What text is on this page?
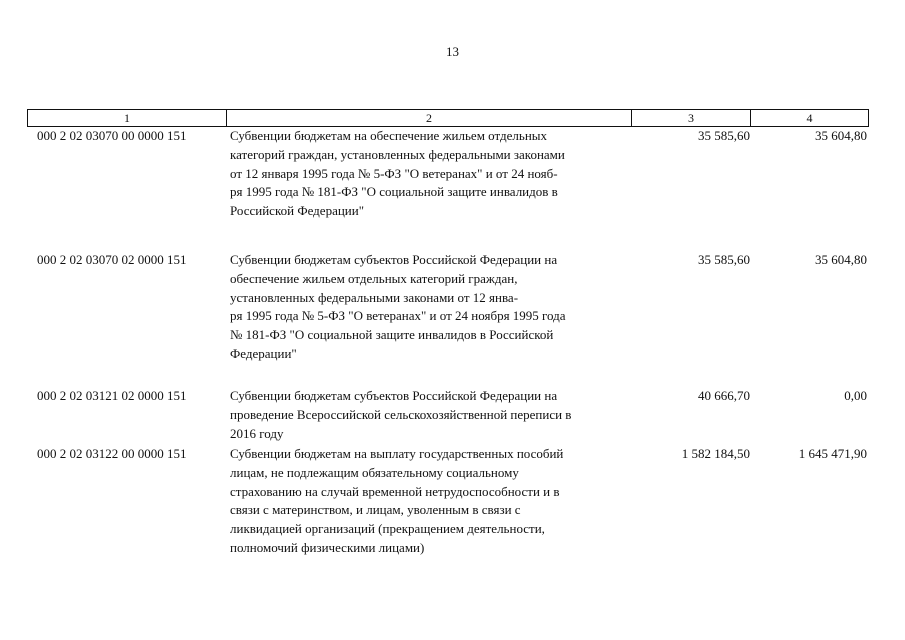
13
1	2	3	4
000 2 02 03070 00 0000 151	Субвенции бюджетам на обеспечение жильем отдельных
категорий граждан, установленных федеральными законами
от 12 января 1995 года № 5-ФЗ "О ветеранах" и от 24 нояб-
ря 1995 года № 181-ФЗ "О социальной защите инвалидов в
Российской Федерации"
35 585,60	35 604,80
000 2 02 03070 02 0000 151	Субвенции бюджетам субъектов Российской Федерации на
обеспечение жильем отдельных категорий граждан,
установленных федеральными законами от 12 янва-
ря 1995 года № 5-ФЗ "О ветеранах" и от 24 ноября 1995 года
№ 181-ФЗ "О социальной защите инвалидов в Российской
Федерации"
35 585,60	35 604,80
000 2 02 03121 02 0000 151	Субвенции бюджетам субъектов Российской Федерации на
проведение Всероссийской сельскохозяйственной переписи в
2016 году
40 666,70	0,00
000 2 02 03122 00 0000 151	Субвенции бюджетам на выплату государственных пособий
лицам, не подлежащим обязательному социальному
страхованию на случай временной нетрудоспособности и в
связи с материнством, и лицам, уволенным в связи с
ликвидацией организаций (прекращением деятельности,
полномочий физическими лицами)
1 582 184,50	1 645 471,90
